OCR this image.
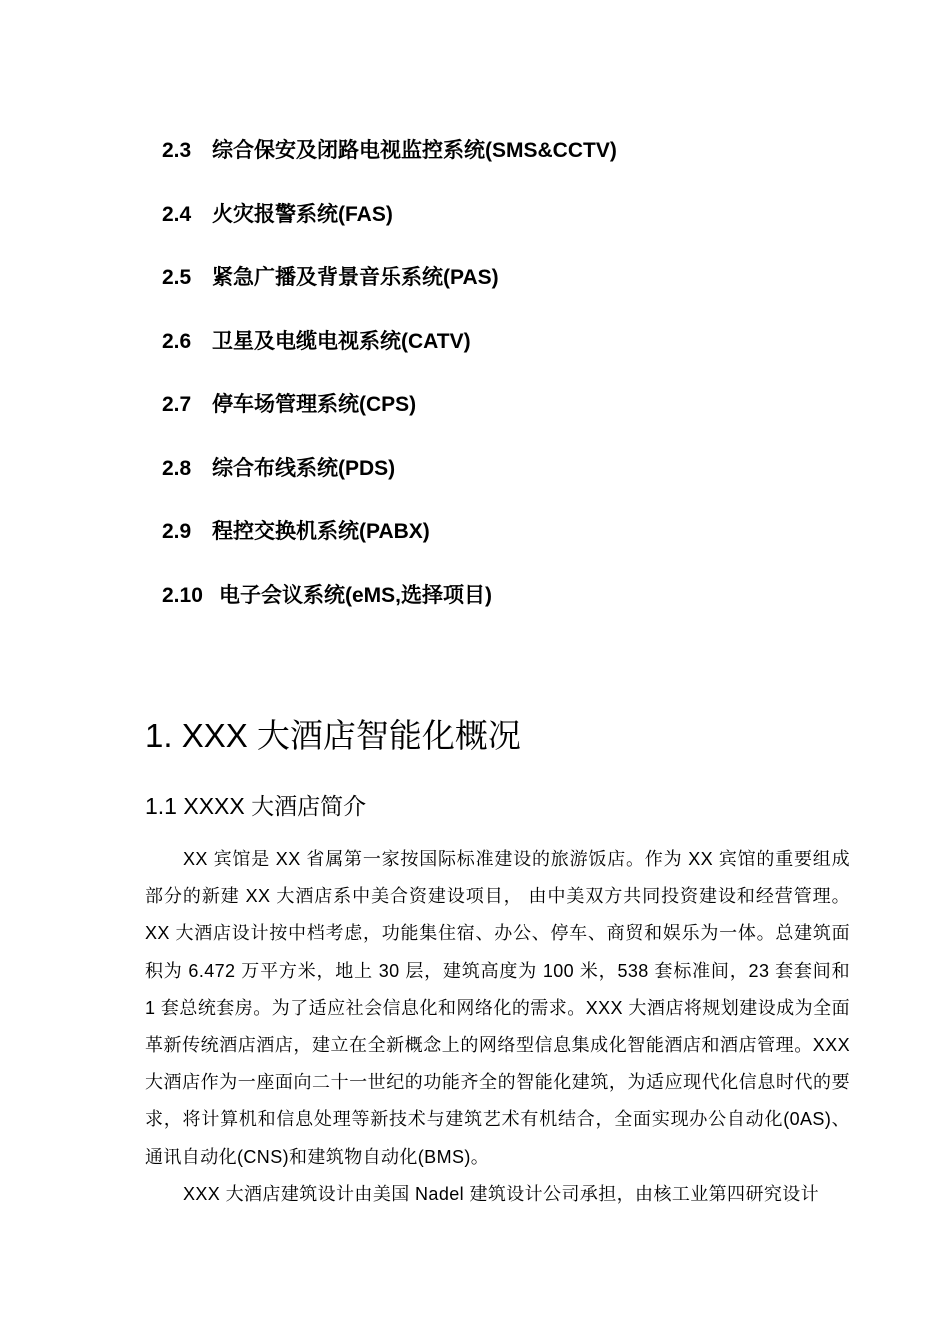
2.3 综合保安及闭路电视监控系统(SMS&CCTV)
2.4 火灾报警系统(FAS)
2.5 紧急广播及背景音乐系统(PAS)
2.6 卫星及电缆电视系统(CATV)
2.7 停车场管理系统(CPS)
2.8 综合布线系统(PDS)
2.9 程控交换机系统(PABX)
2.10 电子会议系统(eMS,选择项目)
1. XXX 大酒店智能化概况
1.1 XXXX 大酒店简介

XX 宾馆是 XX 省属第一家按国际标准建设的旅游饭店。作为 XX 宾馆的重要组成部分的新建 XX 大酒店系中美合资建设项目， 由中美双方共同投资建设和经营管理。XX 大酒店设计按中档考虑，功能集住宿、办公、停车、商贸和娱乐为一体。总建筑面积为 6.472 万平方米，地上 30 层，建筑高度为 100 米，538 套标准间，23 套套间和 1 套总统套房。为了适应社会信息化和网络化的需求。XXX 大酒店将规划建设成为全面革新传统酒店酒店，建立在全新概念上的网络型信息集成化智能酒店和酒店管理。XXX 大酒店作为一座面向二十一世纪的功能齐全的智能化建筑，为适应现代化信息时代的要求，将计算机和信息处理等新技术与建筑艺术有机结合，全面实现办公自动化(0AS)、通讯自动化(CNS)和建筑物自动化(BMS)。

XXX 大酒店建筑设计由美国 Nadel 建筑设计公司承担，由核工业第四研究设计
